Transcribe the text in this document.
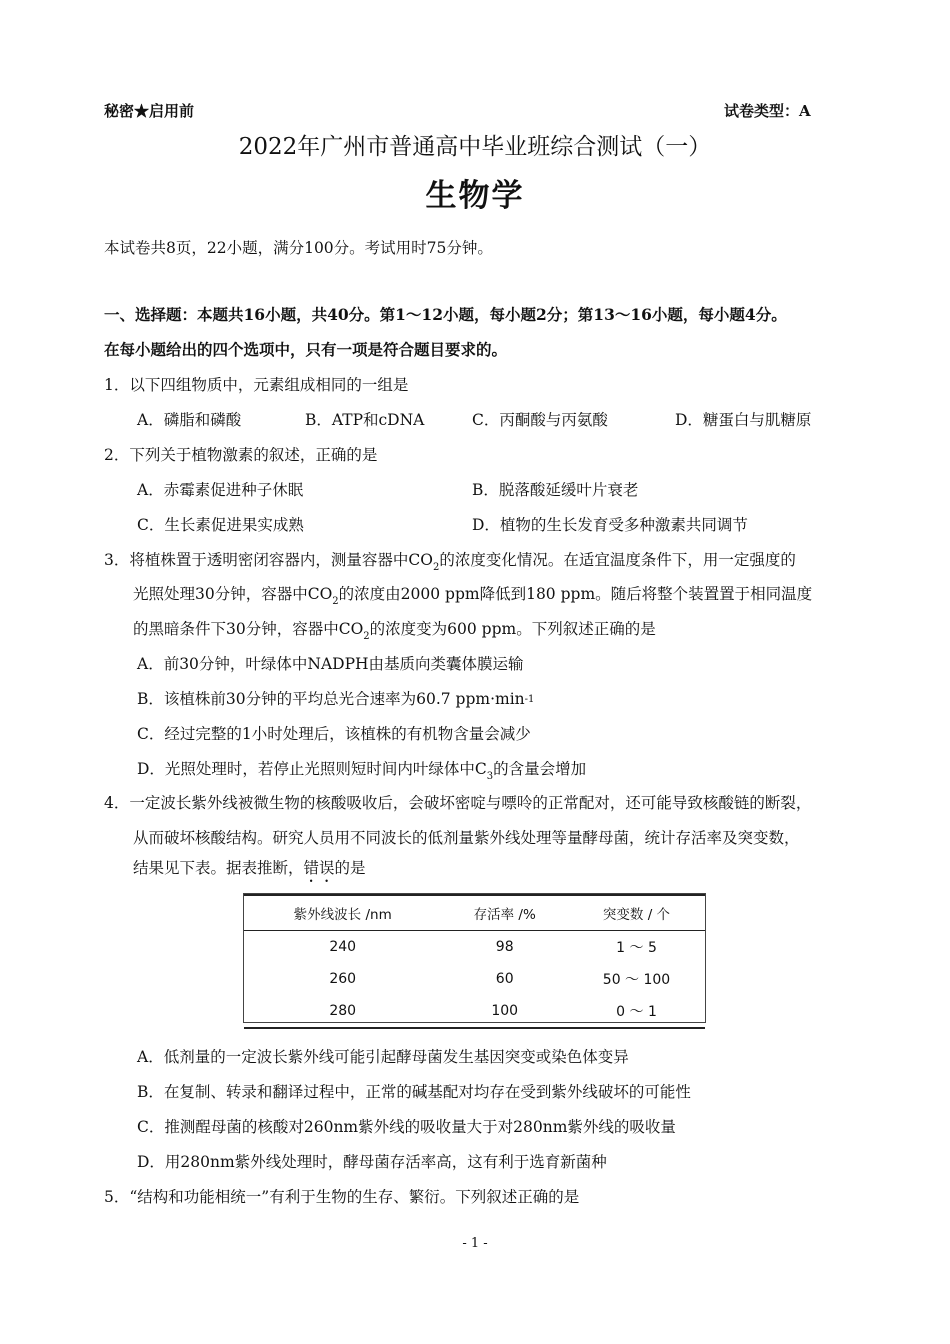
秘密★启用前	试卷类型：A
2022年广州市普通高中毕业班综合测试（一）
生物学
本试卷共8页，22小题，满分100分。考试用时75分钟。
一、选择题：本题共16小题，共40分。第1～12小题，每小题2分；第13～16小题，每小题4分。
在每小题给出的四个选项中，只有一项是符合题目要求的。
1．以下四组物质中，元素组成相同的一组是
A．磷脂和磷酸	B．ATP和cDNA	C．丙酮酸与丙氨酸	D．糖蛋白与肌糖原
2．下列关于植物激素的叙述，正确的是
A．赤霉素促进种子休眠	B．脱落酸延缓叶片衰老
C．生长素促进果实成熟	D．植物的生长发育受多种激素共同调节
3．将植株置于透明密闭容器内，测量容器中$CO_2$的浓度变化情况。在适宜温度条件下，用一定强度的
光照处理30分钟，容器中$CO_2$的浓度由2000 ppm降低到180 ppm。随后将整个装置置于相同温度
的黑暗条件下30分钟，容器中$CO_2$的浓度变为600 ppm。下列叙述正确的是
A．前30分钟，叶绿体中NADPH由基质向类囊体膜运输
B．该植株前30分钟的平均总光合速率为60.7 ppm·min-1
C．经过完整的1小时处理后，该植株的有机物含量会减少
D．光照处理时，若停止光照则短时间内叶绿体中$C_3$的含量会增加
4．一定波长紫外线被微生物的核酸吸收后，会破坏密啶与嘌呤的正常配对，还可能导致核酸链的断裂，
从而破坏核酸结构。研究人员用不同波长的低剂量紫外线处理等量酵母菌，统计存活率及突变数，
结果见下表。据表推断，错误的是
紫外线波长 /nm	存活率 /%	突变数 / 个
240	98	1 ～ 5
260	60	50 ～ 100
280	100	0 ～ 1
A．低剂量的一定波长紫外线可能引起酵母菌发生基因突变或染色体变异
B．在复制、转录和翻译过程中，正常的碱基配对均存在受到紫外线破坏的可能性
C．推测酲母菌的核酸对260nm紫外线的吸收量大于对280nm紫外线的吸收量
D．用280nm紫外线处理时，酵母菌存活率高，这有利于选育新菌种
5．“结构和功能相统一”有利于生物的生存、繁衍。下列叙述正确的是
- 1 -
